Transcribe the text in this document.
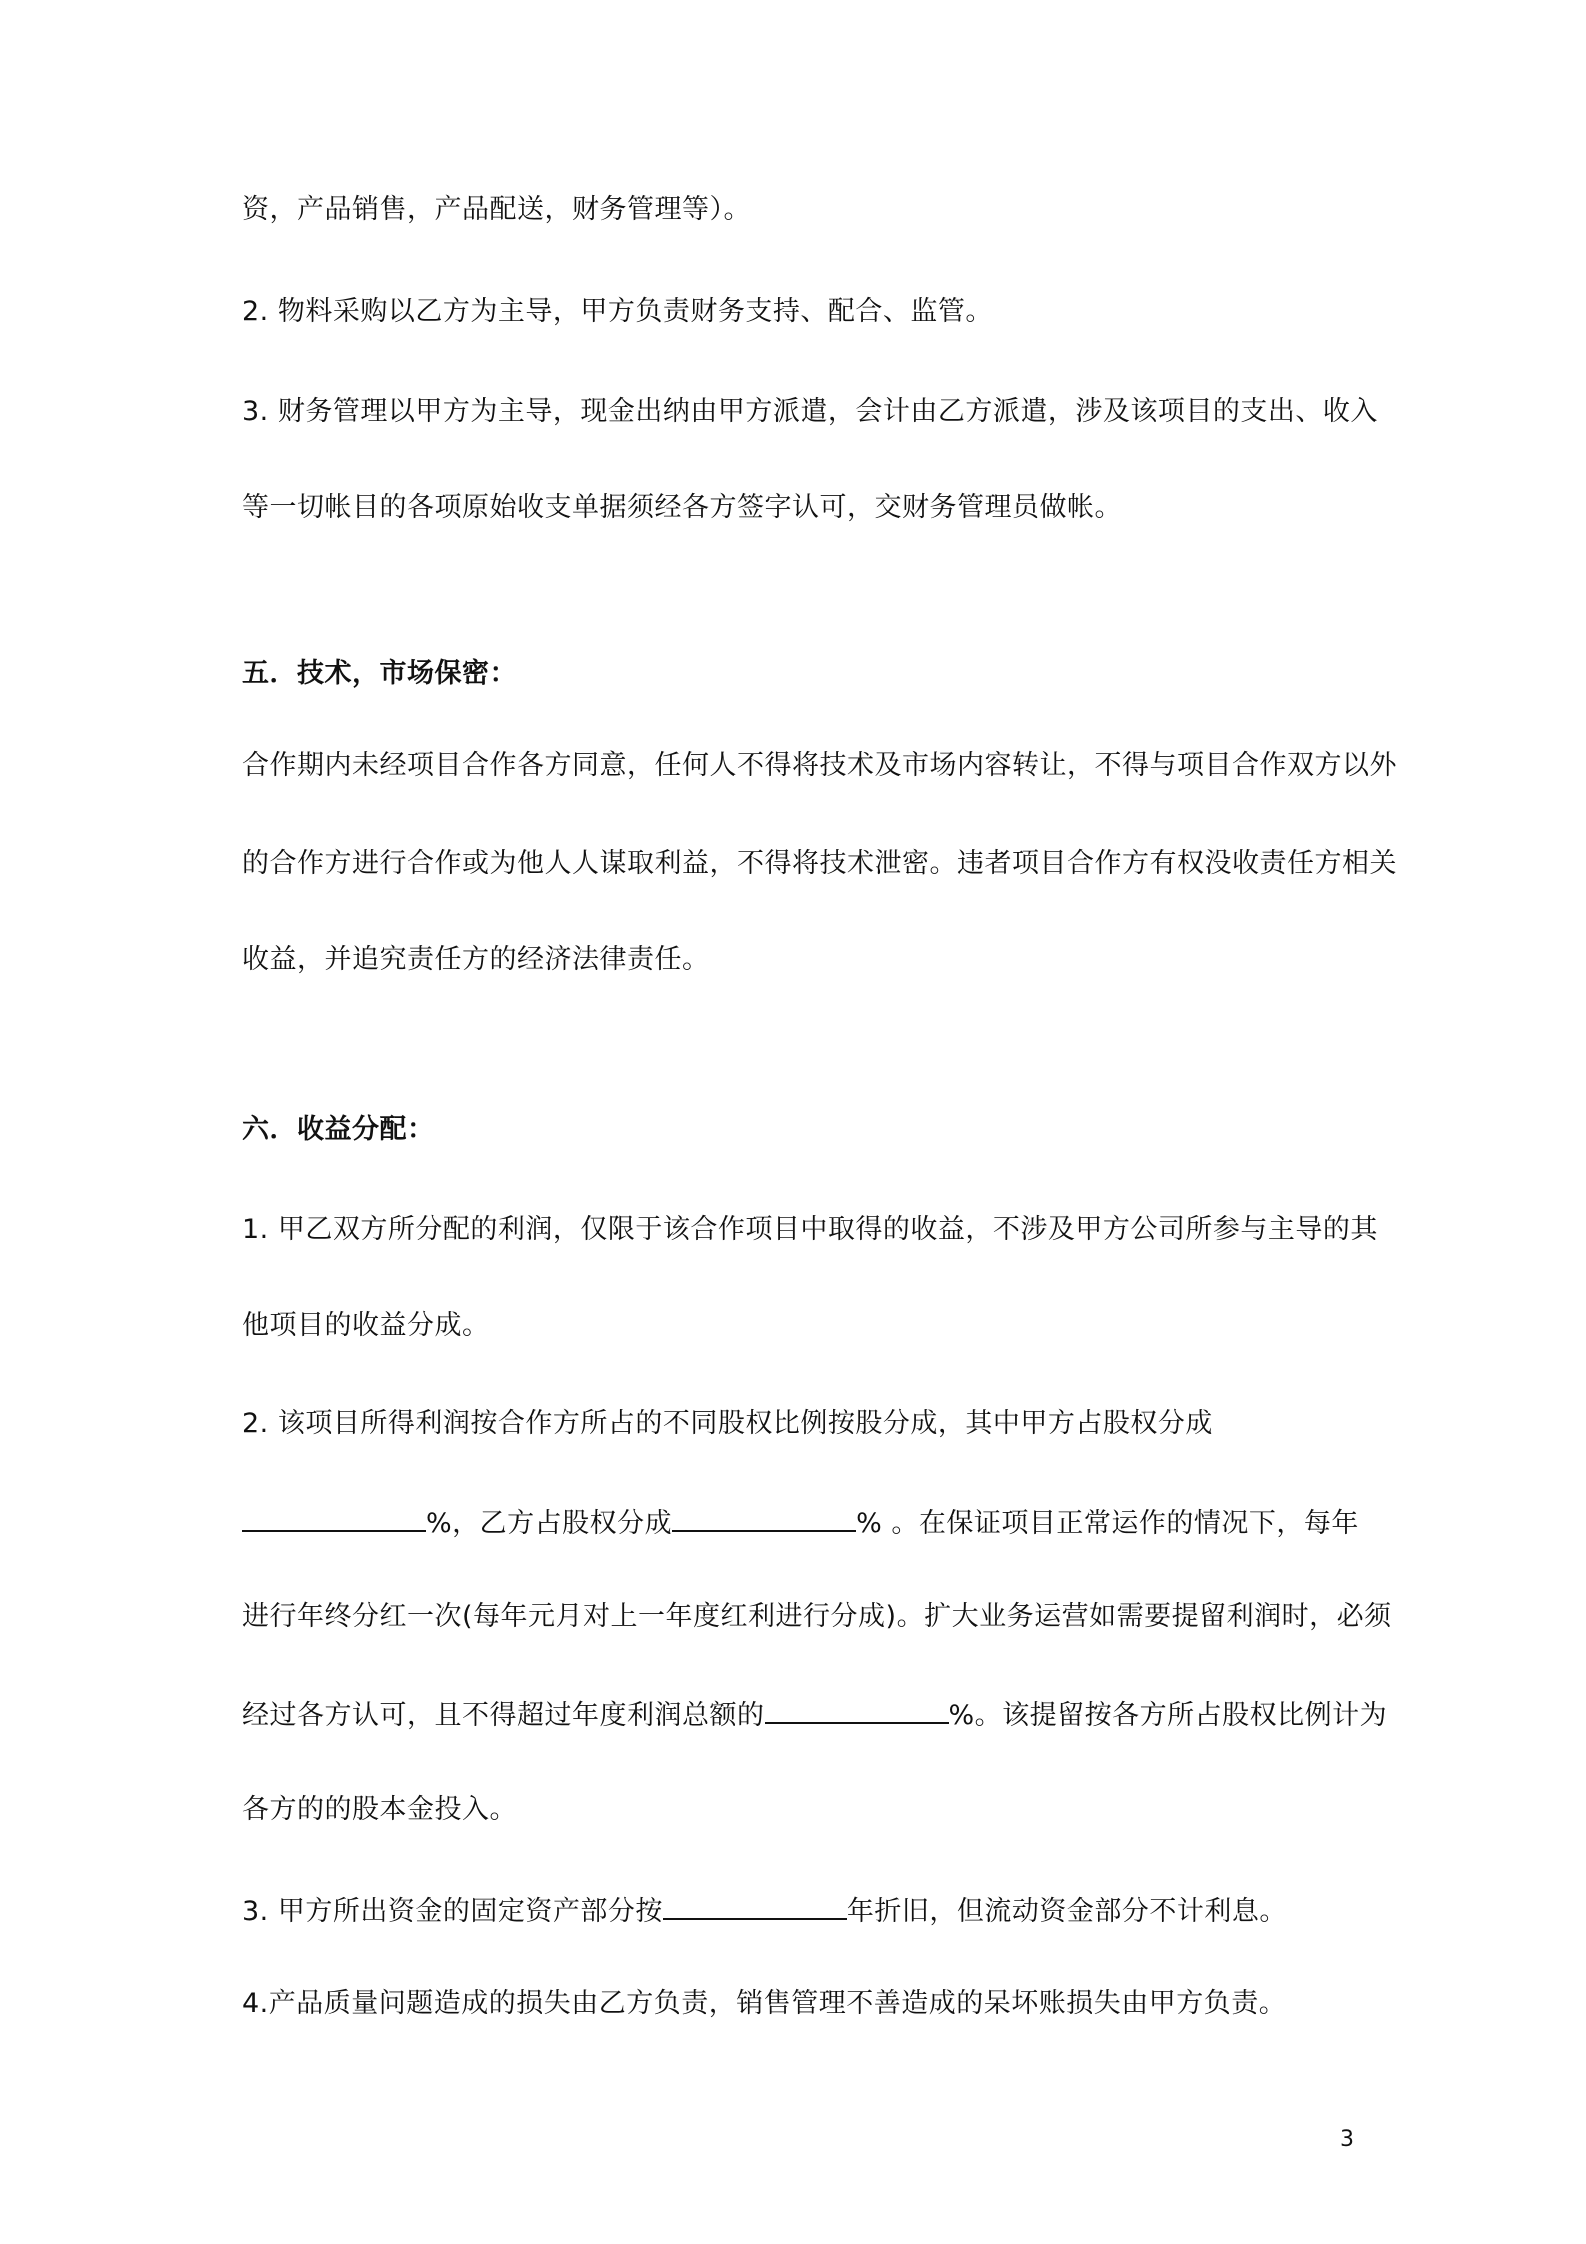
资，产品销售，产品配送，财务管理等）。
2. 物料采购以乙方为主导，甲方负责财务支持、配合、监管。
3. 财务管理以甲方为主导，现金出纳由甲方派遣，会计由乙方派遣，涉及该项目的支出、收入
等一切帐目的各项原始收支单据须经各方签字认可，交财务管理员做帐。
五．技术，市场保密：
合作期内未经项目合作各方同意，任何人不得将技术及市场内容转让，不得与项目合作双方以外
的合作方进行合作或为他人人谋取利益，不得将技术泄密。违者项目合作方有权没收责任方相关
收益，并追究责任方的经济法律责任。
六．收益分配：
1. 甲乙双方所分配的利润，仅限于该合作项目中取得的收益，不涉及甲方公司所参与主导的其
他项目的收益分成。
2. 该项目所得利润按合作方所占的不同股权比例按股分成，其中甲方占股权分成
%，乙方占股权分成	% 。在保证项目正常运作的情况下，每年
进行年终分红一次(每年元月对上一年度红利进行分成)。扩大业务运营如需要提留利润时，必须
经过各方认可，且不得超过年度利润总额的	%。该提留按各方所占股权比例计为
各方的的股本金投入。
3. 甲方所出资金的固定资产部分按	年折旧，但流动资金部分不计利息。
4.产品质量问题造成的损失由乙方负责，销售管理不善造成的呆坏账损失由甲方负责。
3
